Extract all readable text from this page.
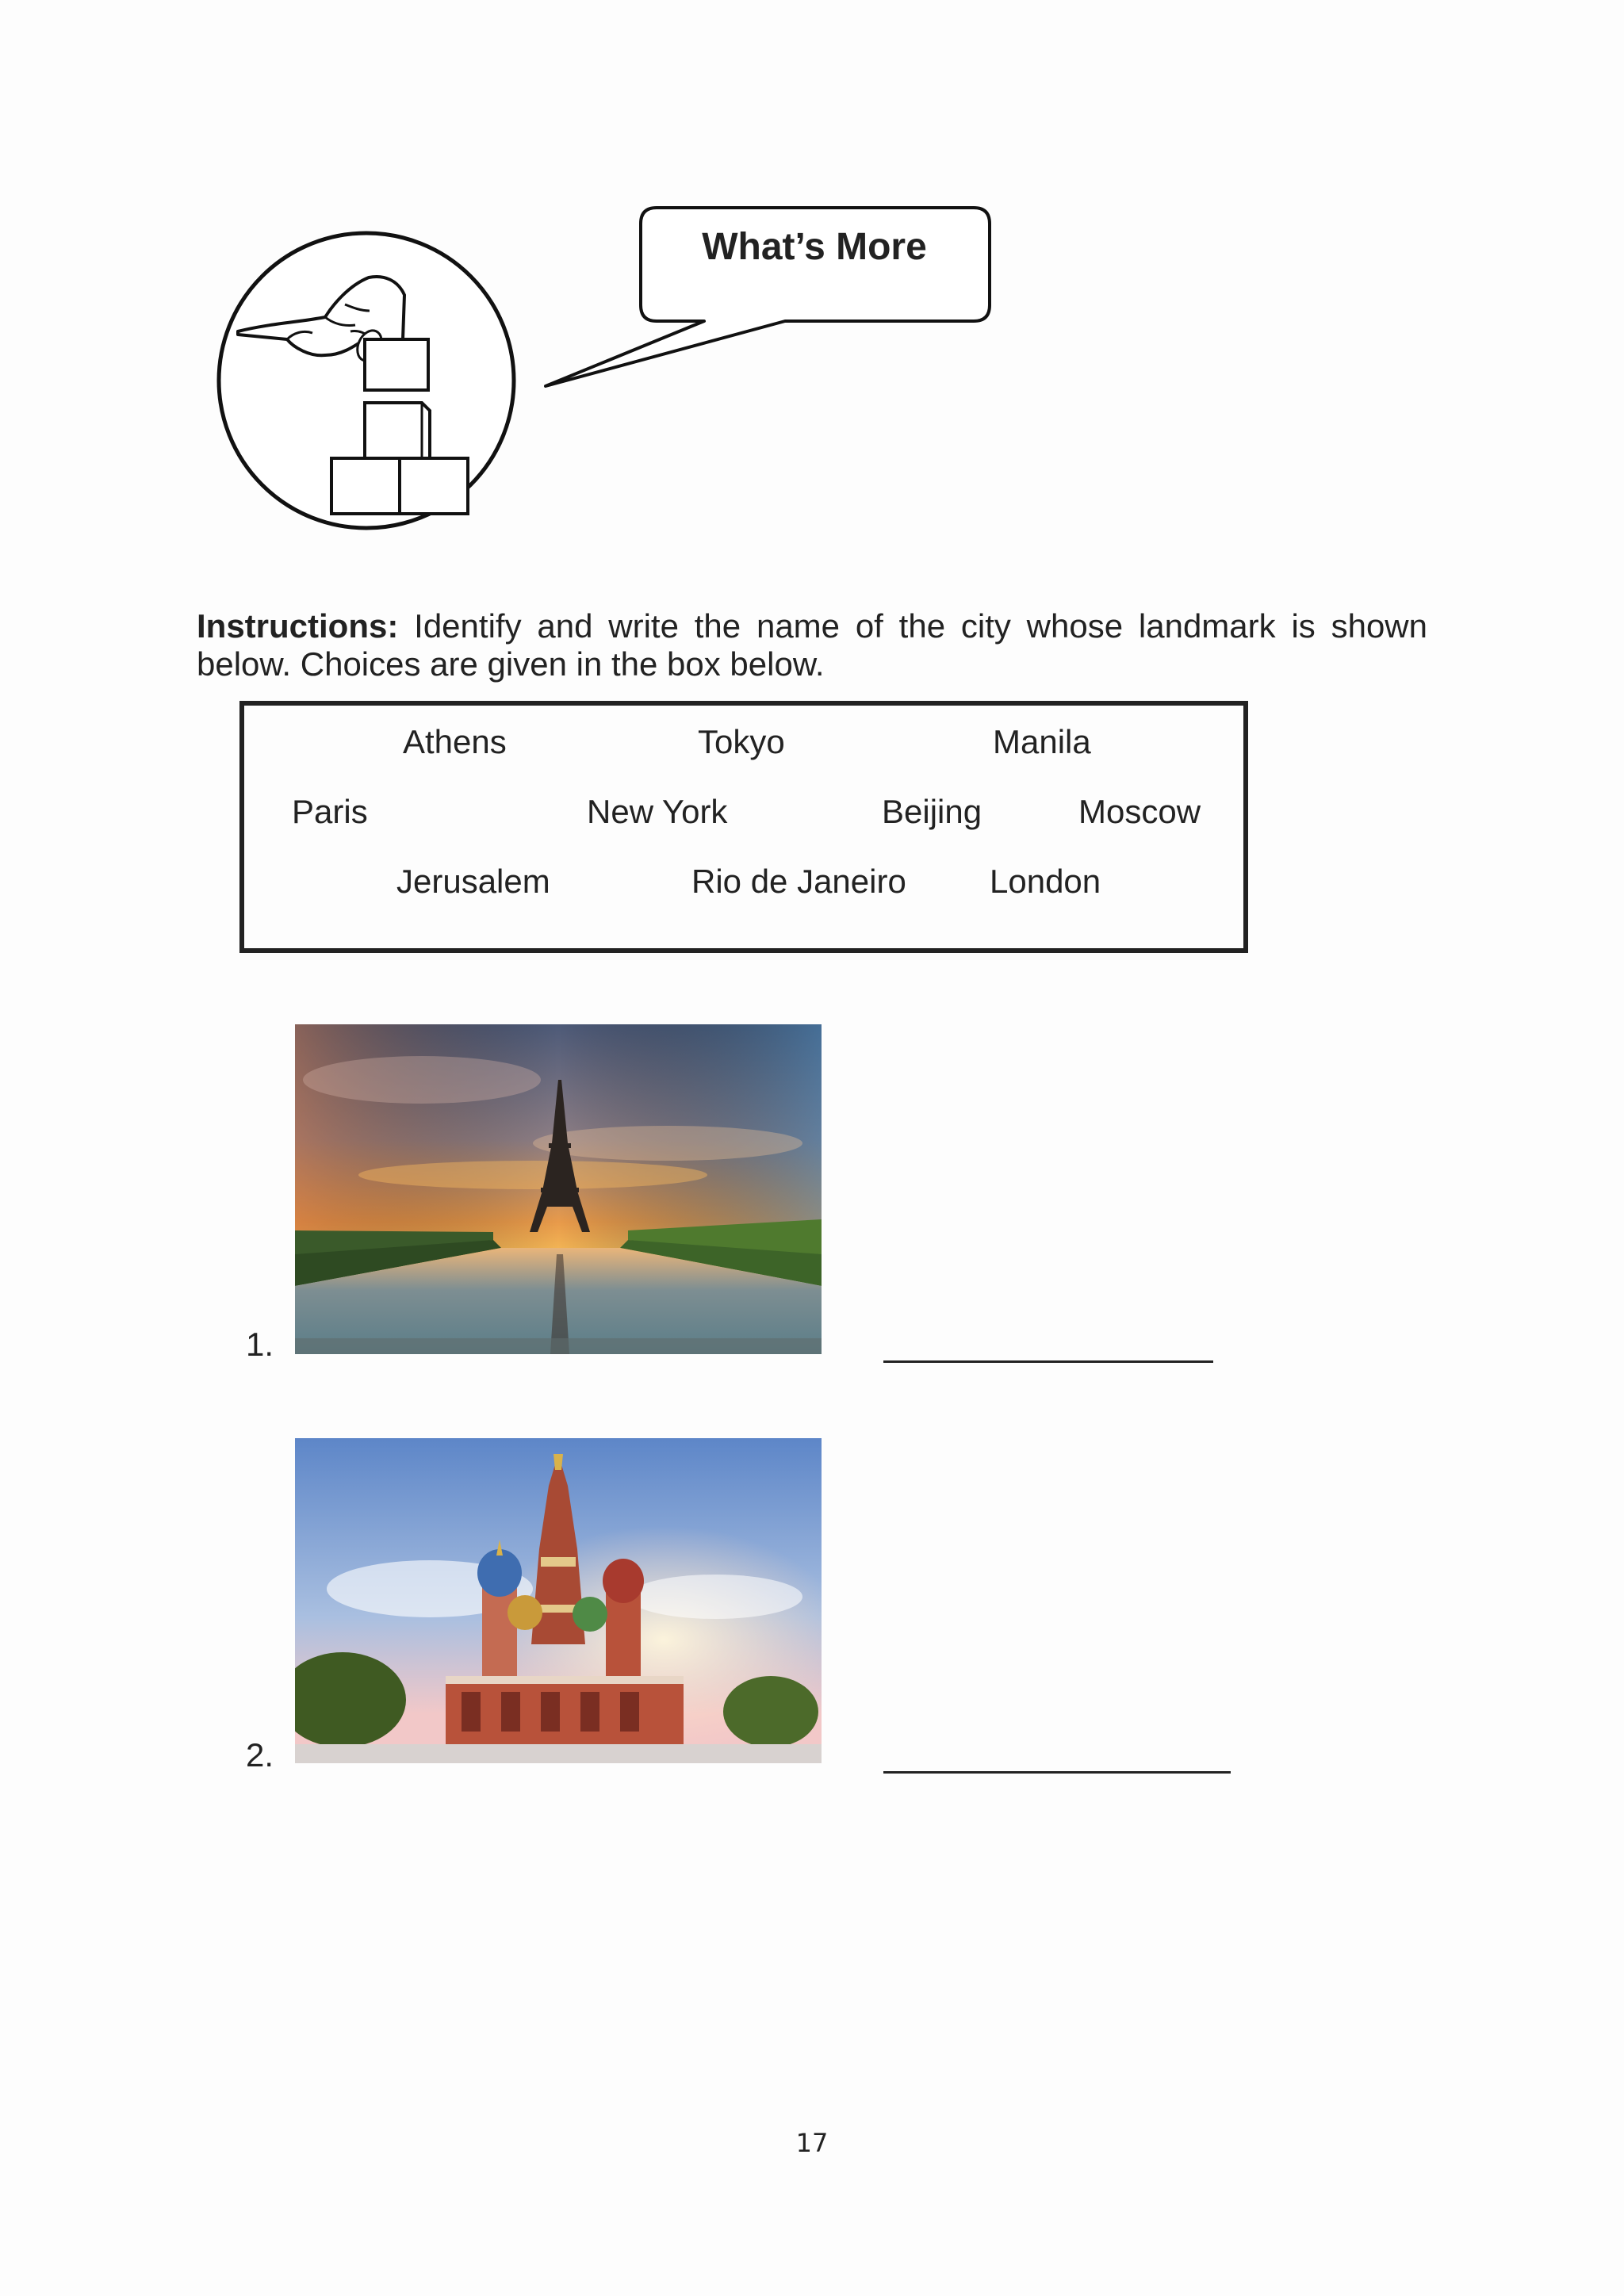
What’s More
Instructions: Identify and write the name of the city whose landmark is shown below. Choices are given in the box below.
Athens	Tokyo	Manila
Paris	New York	Beijing	Moscow
Jerusalem	Rio de Janeiro	London
1.
2.
17
